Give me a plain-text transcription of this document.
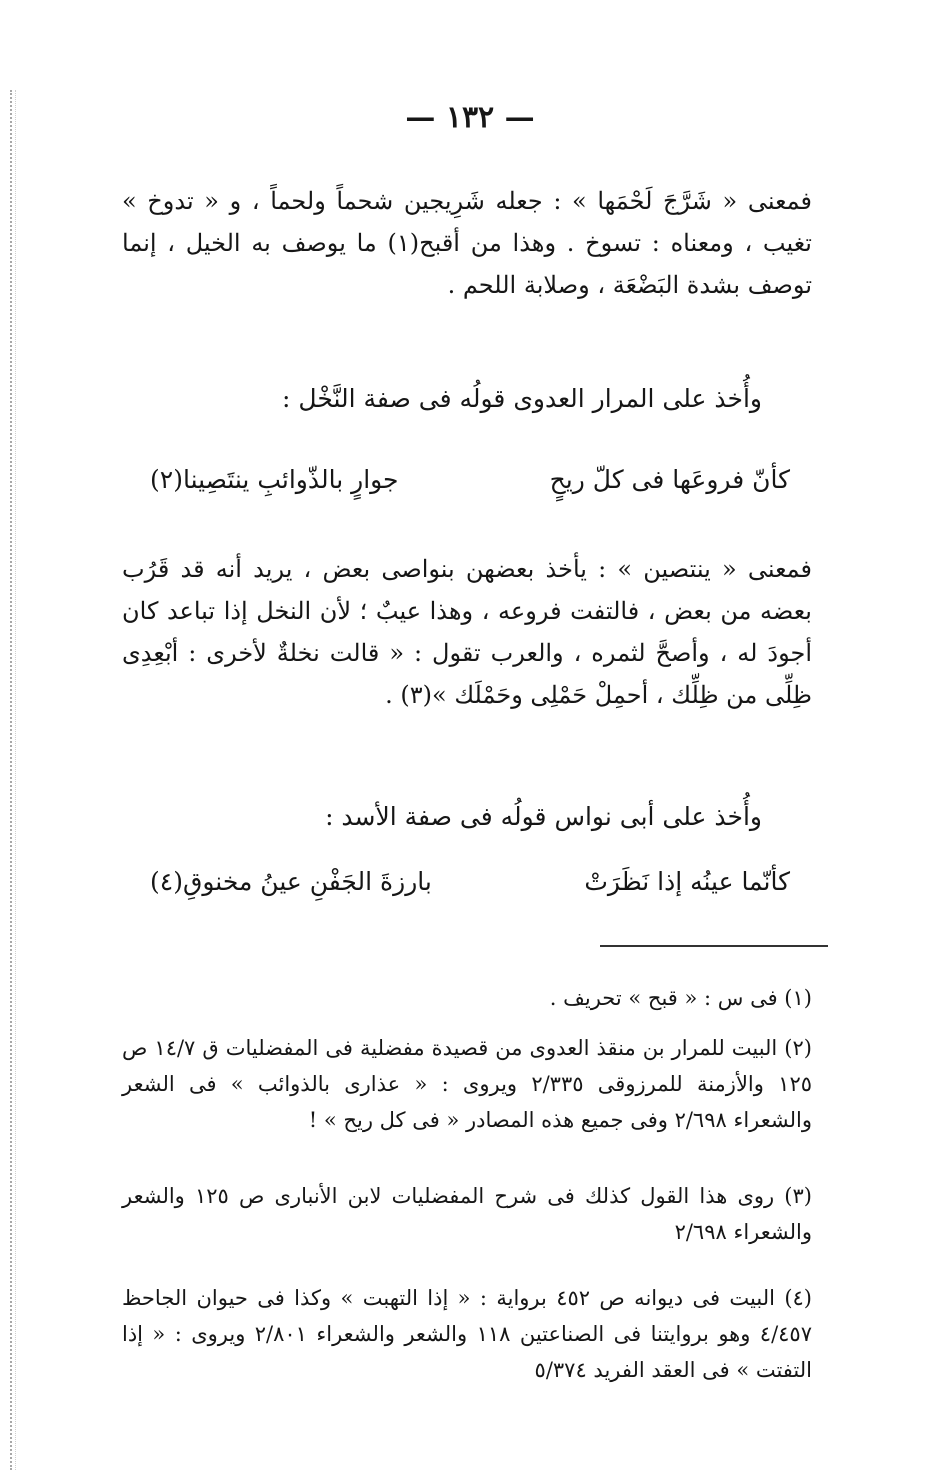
— ١٣٢ —

فمعنى « شَرَّجَ لَحْمَها » : جعله شَرِيجين شحماً ولحماً ، و « تدوخ » تغيب ، ومعناه : تسوخ . وهذا من أقبح(١) ما يوصف به الخيل ، إنما توصف بشدة البَضْعَة ، وصلابة اللحم .

وأُخذ على المرار العدوى قولُه فى صفة النَّخْل :

كأنّ فروعَها فى كلّ ريحٍ
جوارٍ بالذّوائبِ ينتَصِينا(٢)

فمعنى « ينتصين » : يأخذ بعضهن بنواصى بعض ، يريد أنه قد قَرُب بعضه من بعض ، فالتفت فروعه ، وهذا عيبٌ ؛ لأن النخل إذا تباعد كان أجودَ له ، وأصحَّ لثمره ، والعرب تقول : « قالت نخلةٌ لأخرى : أبْعِدِى ظِلِّى من ظِلِّك ، أحمِلْ حَمْلِى وحَمْلَك »(٣) .

وأُخذ على أبى نواس قولُه فى صفة الأسد :

كأنّما عينُه إذا نَظَرَتْ
بارزةَ الجَفْنِ عينُ مخنوقِ(٤)

(١) فى س : « قبح » تحريف .

(٢) البيت للمرار بن منقذ العدوى من قصيدة مفضلية فى المفضليات ق ١٤/٧ ص ١٢٥ والأزمنة للمرزوقى ٢/٣٣٥ ويروى : « عذارى بالذوائب » فى الشعر والشعراء ٢/٦٩٨ وفى جميع هذه المصادر « فى كل ريح » !

(٣) روى هذا القول كذلك فى شرح المفضليات لابن الأنبارى ص ١٢٥ والشعر والشعراء ٢/٦٩٨

(٤) البيت فى ديوانه ص ٤٥٢ برواية : « إذا التهبت » وكذا فى حيوان الجاحظ ٤/٤٥٧ وهو بروايتنا فى الصناعتين ١١٨ والشعر والشعراء ٢/٨٠١ ويروى : « إذا التفتت » فى العقد الفريد ٥/٣٧٤
